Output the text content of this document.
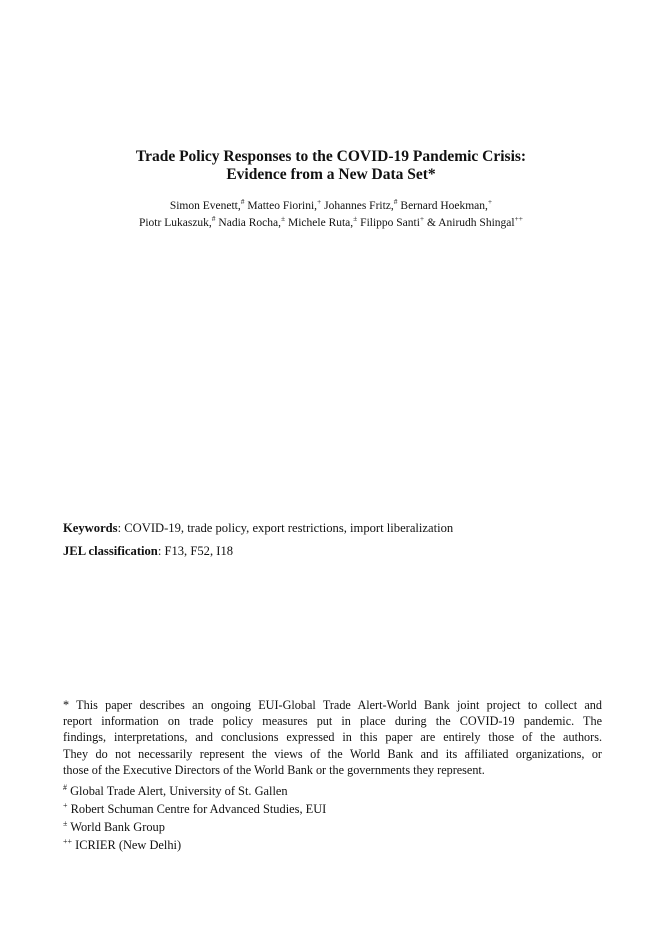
Trade Policy Responses to the COVID-19 Pandemic Crisis:
Evidence from a New Data Set*
Simon Evenett,# Matteo Fiorini,+ Johannes Fritz,# Bernard Hoekman,+
Piotr Lukaszuk,# Nadia Rocha,± Michele Ruta,± Filippo Santi+ & Anirudh Shingal++
Keywords: COVID-19, trade policy, export restrictions, import liberalization
JEL classification: F13, F52, I18
* This paper describes an ongoing EUI-Global Trade Alert-World Bank joint project to collect and
report information on trade policy measures put in place during the COVID-19 pandemic. The
findings, interpretations, and conclusions expressed in this paper are entirely those of the authors.
They do not necessarily represent the views of the World Bank and its affiliated organizations, or
those of the Executive Directors of the World Bank or the governments they represent.
# Global Trade Alert, University of St. Gallen
+ Robert Schuman Centre for Advanced Studies, EUI
± World Bank Group
++ ICRIER (New Delhi)
